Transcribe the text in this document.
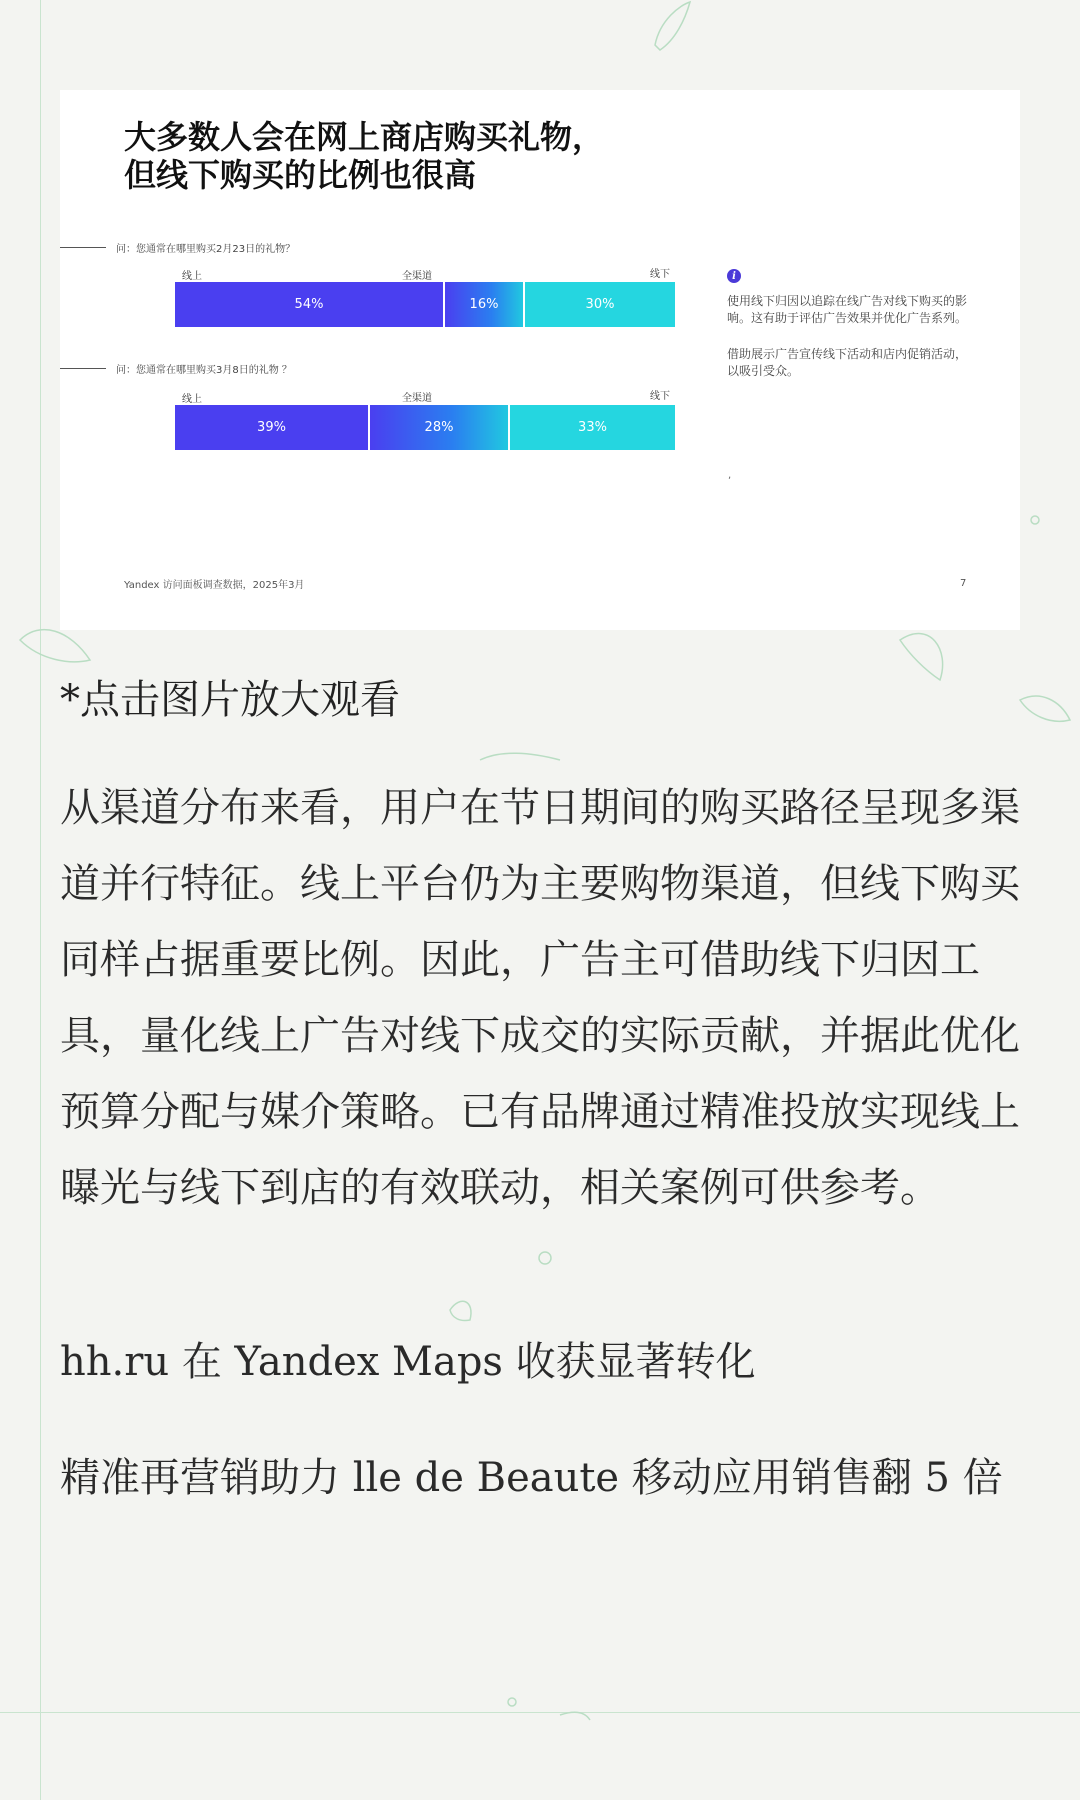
大多数人会在网上商店购买礼物，
但线下购买的比例也很高
问：您通常在哪里购买2月23日的礼物？
线上	全渠道	线下
54%	16%	30%
问：您通常在哪里购买3月8日的礼物 ？
线上	全渠道	线下
39%	28%	33%
i
使用线下归因以追踪在线广告对线下购买的影响。这有助于评估广告效果并优化广告系列。
借助展示广告宣传线下活动和店内促销活动，以吸引受众。
,
Yandex 访问面板调查数据，2025年3月	7
*点击图片放大观看

从渠道分布来看，用户在节日期间的购买路径呈现多渠道并行特征。线上平台仍为主要购物渠道，但线下购买同样占据重要比例。因此，广告主可借助线下归因工具，量化线上广告对线下成交的实际贡献，并据此优化预算分配与媒介策略。已有品牌通过精准投放实现线上曝光与线下到店的有效联动，相关案例可供参考。

hh.ru 在 Yandex Maps 收获显著转化
精准再营销助力 lle de Beaute 移动应用销售翻 5 倍
